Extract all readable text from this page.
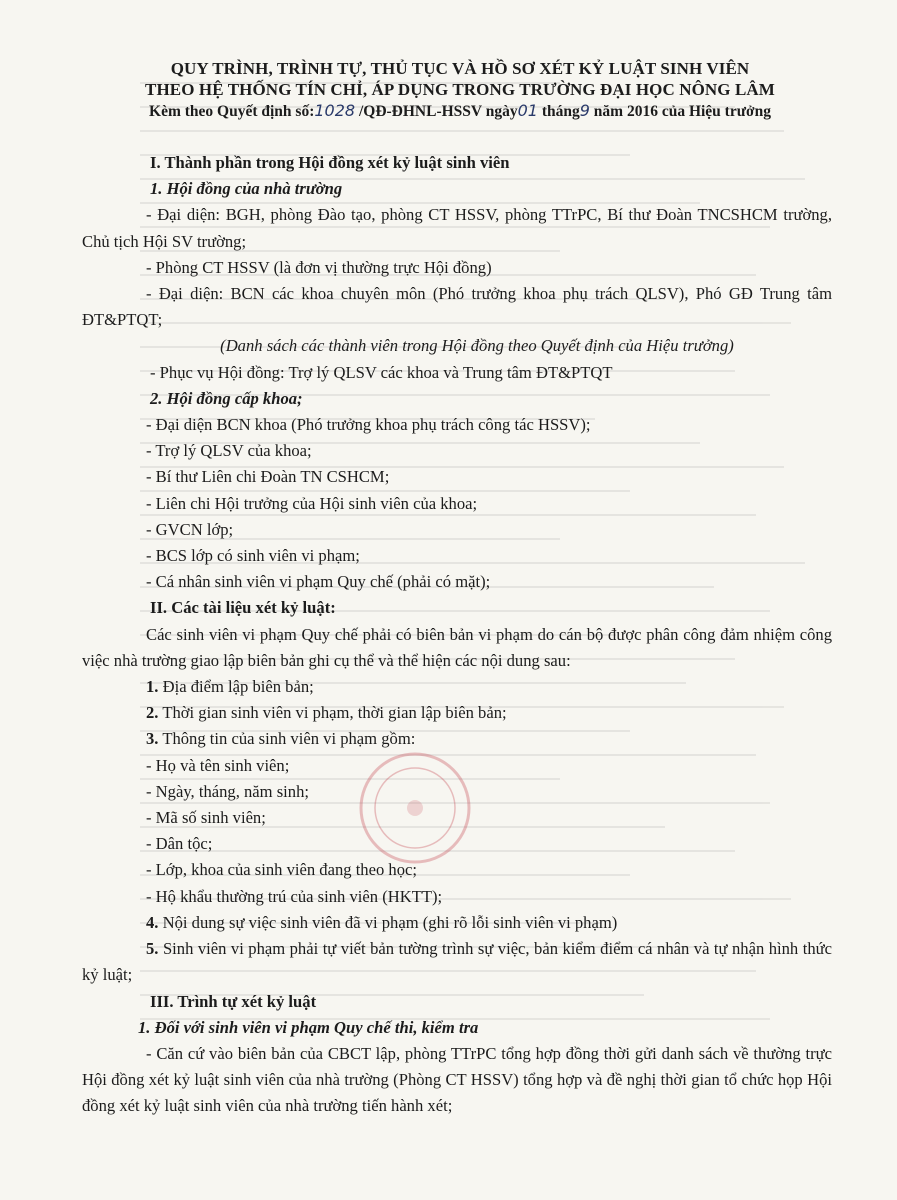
QUY TRÌNH, TRÌNH TỰ, THỦ TỤC VÀ HỒ SƠ XÉT KỶ LUẬT SINH VIÊN
THEO HỆ THỐNG TÍN CHỈ, ÁP DỤNG TRONG TRƯỜNG ĐẠI HỌC NÔNG LÂM
Kèm theo Quyết định số:1028 /QĐ-ĐHNL-HSSV ngày01 tháng9 năm 2016 của Hiệu trưởng

I. Thành phần trong Hội đồng xét kỷ luật sinh viên

1. Hội đồng của nhà trường

- Đại diện: BGH, phòng Đào tạo, phòng CT HSSV, phòng TTrPC, Bí thư Đoàn TNCSHCM trường, Chủ tịch Hội SV trường;

- Phòng CT HSSV (là đơn vị thường trực Hội đồng)

- Đại diện: BCN các khoa chuyên môn (Phó trưởng khoa phụ trách QLSV), Phó GĐ Trung tâm ĐT&PTQT;

(Danh sách các thành viên trong Hội đồng theo Quyết định của Hiệu trưởng)

- Phục vụ Hội đồng: Trợ lý QLSV các khoa và Trung tâm ĐT&PTQT

2. Hội đồng cấp khoa;

- Đại diện BCN khoa (Phó trưởng khoa phụ trách công tác HSSV);

- Trợ lý QLSV của khoa;

- Bí thư Liên chi Đoàn TN CSHCM;

- Liên chi Hội trưởng của Hội sinh viên của khoa;

- GVCN lớp;

- BCS lớp có sinh viên vi phạm;

- Cá nhân sinh viên vi phạm Quy chế (phải có mặt);

II. Các tài liệu xét kỷ luật:

Các sinh viên vi phạm Quy chế phải có biên bản vi phạm do cán bộ được phân công đảm nhiệm công việc nhà trường giao lập biên bản ghi cụ thể và thể hiện các nội dung sau:

1. Địa điểm lập biên bản;

2. Thời gian sinh viên vi phạm, thời gian lập biên bản;

3. Thông tin của sinh viên vi phạm gồm:

- Họ và tên sinh viên;

- Ngày, tháng, năm sinh;

- Mã số sinh viên;

- Dân tộc;

- Lớp, khoa của sinh viên đang theo học;

- Hộ khẩu thường trú của sinh viên (HKTT);

4. Nội dung sự việc sinh viên đã vi phạm (ghi rõ lỗi sinh viên vi phạm)

5. Sinh viên vi phạm phải tự viết bản tường trình sự việc, bản kiểm điểm cá nhân và tự nhận hình thức kỷ luật;

III. Trình tự xét kỷ luật

1. Đối với sinh viên vi phạm Quy chế thi, kiểm tra

- Căn cứ vào biên bản của CBCT lập, phòng TTrPC tổng hợp đồng thời gửi danh sách về thường trực Hội đồng xét kỷ luật sinh viên của nhà trường (Phòng CT HSSV) tổng hợp và đề nghị thời gian tổ chức họp Hội đồng xét kỷ luật sinh viên của nhà trường tiến hành xét;
